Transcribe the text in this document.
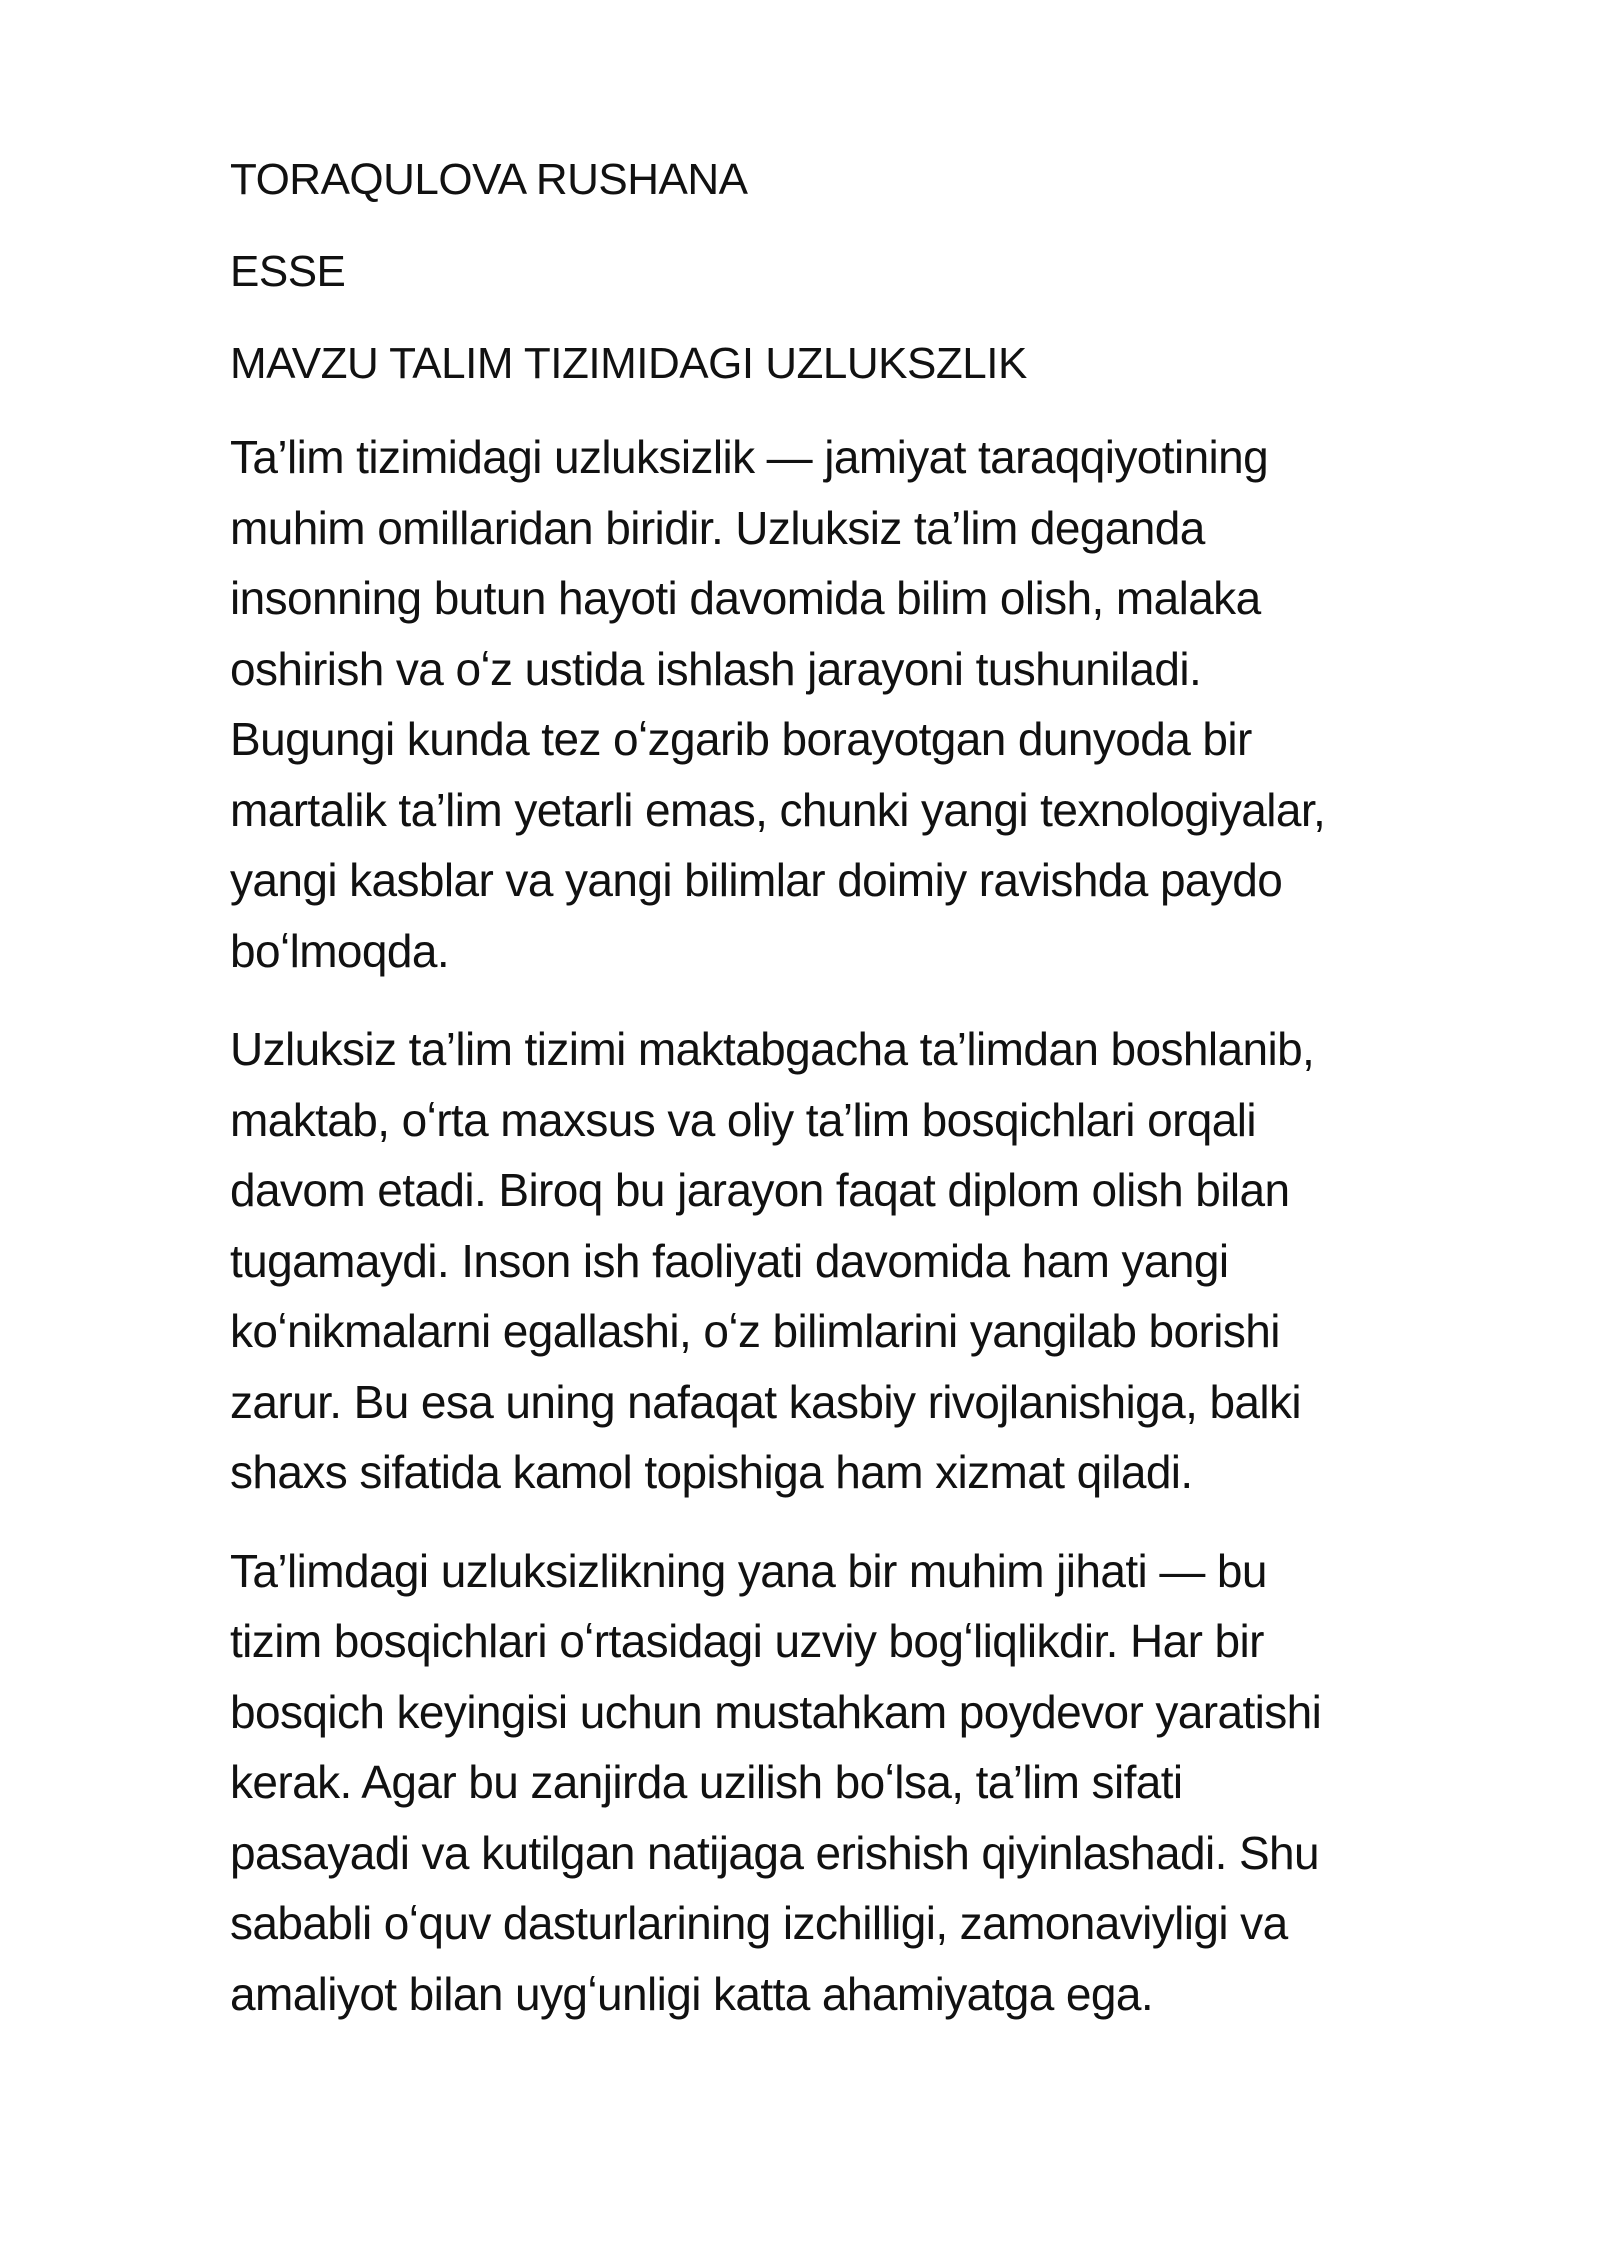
TORAQULOVA RUSHANA

ESSE

MAVZU TALIM TIZIMIDAGI UZLUKSZLIK

Ta’lim tizimidagi uzluksizlik — jamiyat taraqqiyotining
muhim omillaridan biridir. Uzluksiz ta’lim deganda
insonning butun hayoti davomida bilim olish, malaka
oshirish va oʻz ustida ishlash jarayoni tushuniladi.
Bugungi kunda tez oʻzgarib borayotgan dunyoda bir
martalik ta’lim yetarli emas, chunki yangi texnologiyalar,
yangi kasblar va yangi bilimlar doimiy ravishda paydo
boʻlmoqda.

Uzluksiz ta’lim tizimi maktabgacha ta’limdan boshlanib,
maktab, oʻrta maxsus va oliy ta’lim bosqichlari orqali
davom etadi. Biroq bu jarayon faqat diplom olish bilan
tugamaydi. Inson ish faoliyati davomida ham yangi
koʻnikmalarni egallashi, oʻz bilimlarini yangilab borishi
zarur. Bu esa uning nafaqat kasbiy rivojlanishiga, balki
shaxs sifatida kamol topishiga ham xizmat qiladi.

Ta’limdagi uzluksizlikning yana bir muhim jihati — bu
tizim bosqichlari oʻrtasidagi uzviy bogʻliqlikdir. Har bir
bosqich keyingisi uchun mustahkam poydevor yaratishi
kerak. Agar bu zanjirda uzilish boʻlsa, ta’lim sifati
pasayadi va kutilgan natijaga erishish qiyinlashadi. Shu
sababli oʻquv dasturlarining izchilligi, zamonaviyligi va
amaliyot bilan uygʻunligi katta ahamiyatga ega.
